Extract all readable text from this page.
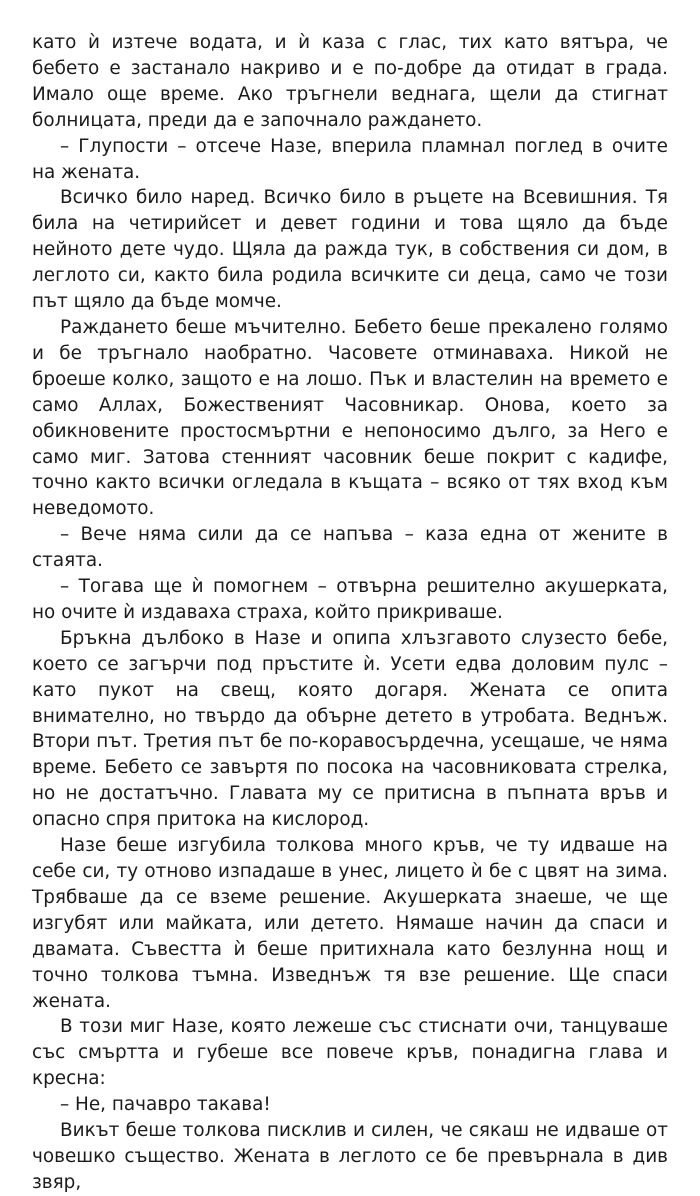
като ѝ изтече водата, и ѝ каза с глас, тих като вятъра, че бебето е застанало накриво и е по-добре да отидат в града. Имало още време. Ако тръгнели веднага, щели да стигнат болницата, преди да е започнало раждането.

– Глупости – отсече Назе, вперила пламнал поглед в очите на жената.

Всичко било наред. Всичко било в ръцете на Всевишния. Тя била на четирийсет и девет години и това щяло да бъде нейното дете чудо. Щяла да ражда тук, в собствения си дом, в леглото си, както била родила всичките си деца, само че този път щяло да бъде момче.

Раждането беше мъчително. Бебето беше прекалено голямо и бе тръгнало наобратно. Часовете отминаваха. Никой не броеше колко, защото е на лошо. Пък и властелин на времето е само Аллах, Божественият Часовникар. Онова, което за обикновените простосмъртни е непоносимо дълго, за Него е само миг. Затова стенният часовник беше покрит с кадифе, точно както всички огледала в къщата – всяко от тях вход към неведомото.

– Вече няма сили да се напъва – каза една от жените в стаята.

– Тогава ще ѝ помогнем – отвърна решително акушерката, но очите ѝ издаваха страха, който прикриваше.

Бръкна дълбоко в Назе и опипа хлъзгавото слузесто бебе, което се загърчи под пръстите ѝ. Усети едва доловим пулс – като пукот на свещ, която догаря. Жената се опита внимателно, но твърдо да обърне детето в утробата. Веднъж. Втори път. Третия път бе по-коравосърдечна, усещаше, че няма време. Бебето се завъртя по посока на часовниковата стрелка, но не достатъчно. Главата му се притисна в пъпната връв и опасно спря притока на кислород.

Назе беше изгубила толкова много кръв, че ту идваше на себе си, ту отново изпадаше в унес, лицето ѝ бе с цвят на зима. Трябваше да се вземе решение. Акушерката знаеше, че ще изгубят или майката, или детето. Нямаше начин да спаси и двамата. Съвестта ѝ беше притихнала като безлунна нощ и точно толкова тъмна. Изведнъж тя взе решение. Ще спаси жената.

В този миг Назе, която лежеше със стиснати очи, танцуваше със смъртта и губеше все повече кръв, понадигна глава и кресна:

– Не, пачавро такава!

Викът беше толкова писклив и силен, че сякаш не идваше от човешко същество. Жената в леглото се бе превърнала в див звяр,
